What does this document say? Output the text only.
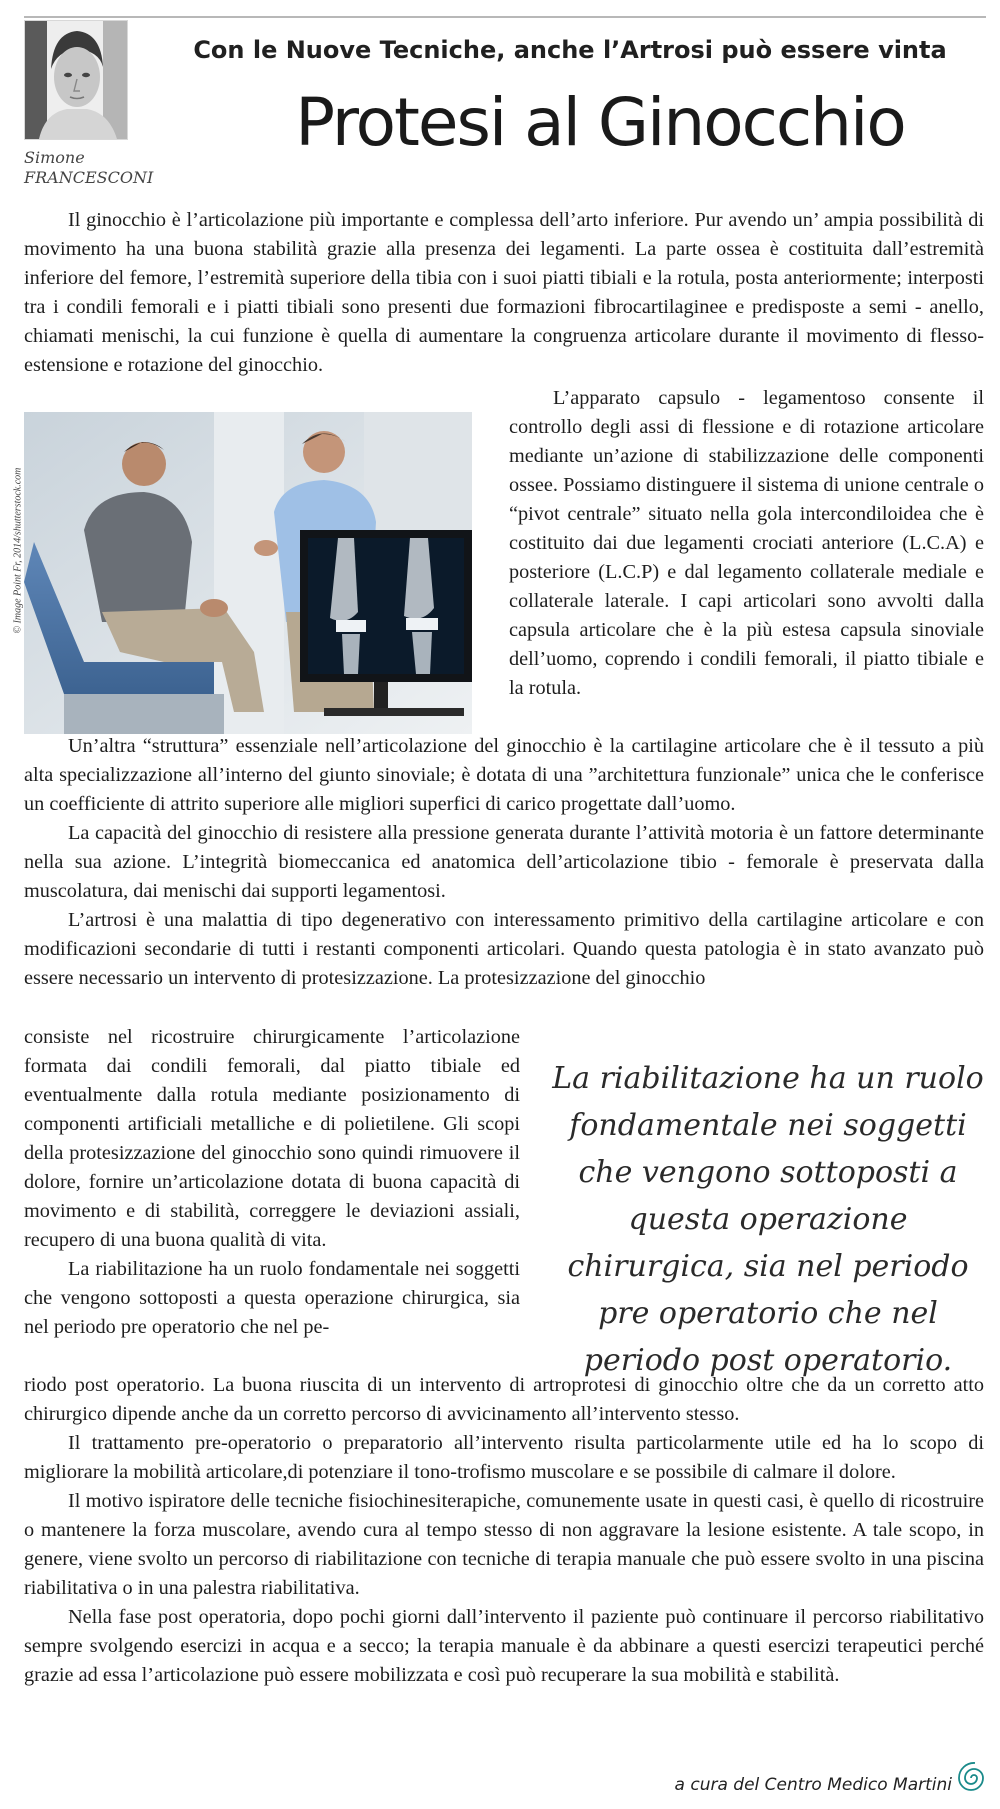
Simone
FRANCESCONI
Con le Nuove Tecniche, anche l’Artrosi può essere vinta
Protesi al Ginocchio

Il ginocchio è l’articolazione più importante e complessa dell’arto inferiore. Pur avendo un’ ampia possibilità di movimento ha una buona stabilità grazie alla presenza dei legamenti. La parte ossea è costituita dall’estremità inferiore del femore, l’estremità superiore della tibia con i suoi piatti tibiali e la rotula, posta anteriormente; interposti tra i condili femorali e i piatti tibiali sono presenti due formazioni fibrocartilaginee e predisposte a semi - anello, chiamati menischi, la cui funzione è quella di aumentare la congruenza articolare durante il movimento di flesso-estensione e rotazione del ginocchio.

© Image Point Fr, 2014/shutterstock.com

L’apparato capsulo - legamentoso consente il controllo degli assi di flessione e di rotazione articolare mediante un’azione di stabilizzazione delle componenti ossee. Possiamo distinguere il sistema di unione centrale o “pivot centrale” situato nella gola intercondiloidea che è costituito dai due legamenti crociati anteriore (L.C.A) e posteriore (L.C.P) e dal legamento collaterale mediale e collaterale laterale. I capi articolari sono avvolti dalla capsula articolare che è la più estesa capsula sinoviale dell’uomo, coprendo i condili femorali, il piatto tibiale e la rotula.

Un’altra “struttura” essenziale nell’articolazione del ginocchio è la cartilagine articolare che è il tessuto a più alta specializzazione all’interno del giunto sinoviale; è dotata di una ”architettura funzionale” unica che le conferisce un coefficiente di attrito superiore alle migliori superfici di carico progettate dall’uomo.

La capacità del ginocchio di resistere alla pressione generata durante l’attività motoria è un fattore determinante nella sua azione. L’integrità biomeccanica ed anatomica dell’articolazione tibio - femorale è preservata dalla muscolatura, dai menischi dai supporti legamentosi.

L’artrosi è una malattia di tipo degenerativo con interessamento primitivo della cartilagine articolare e con modificazioni secondarie di tutti i restanti componenti articolari. Quando questa patologia è in stato avanzato può essere necessario un intervento di protesizzazione. La protesizzazione del ginocchio

consiste nel ricostruire chirurgicamente l’articolazione formata dai condili femorali, dal piatto tibiale ed eventualmente dalla rotula mediante posizionamento di componenti artificiali metalliche e di polietilene. Gli scopi della protesizzazione del ginocchio sono quindi rimuovere il dolore, fornire un’articolazione dotata di buona capacità di movimento e di stabilità, correggere le deviazioni assiali, recupero di una buona qualità di vita.

La riabilitazione ha un ruolo fondamentale nei soggetti che vengono sottoposti a questa operazione chirurgica, sia nel periodo pre operatorio che nel pe-

La riabilitazione ha un ruolo fondamentale nei soggetti che vengono sottoposti a questa operazione chirurgica, sia nel periodo pre operatorio che nel periodo post operatorio.

riodo post operatorio. La buona riuscita di un intervento di artroprotesi di ginocchio oltre che da un corretto atto chirurgico dipende anche da un corretto percorso di avvicinamento all’intervento stesso.

Il trattamento pre-operatorio o preparatorio all’intervento risulta particolarmente utile ed ha lo scopo di migliorare la mobilità articolare,di potenziare il tono-trofismo muscolare e se possibile di calmare il dolore.

Il motivo ispiratore delle tecniche fisiochinesiterapiche, comunemente usate in questi casi, è quello di ricostruire o mantenere la forza muscolare, avendo cura al tempo stesso di non aggravare la lesione esistente. A tale scopo, in genere, viene svolto un percorso di riabilitazione con tecniche di terapia manuale che può essere svolto in una piscina riabilitativa o in una palestra riabilitativa.

Nella fase post operatoria, dopo pochi giorni dall’intervento il paziente può continuare il percorso riabilitativo sempre svolgendo esercizi in acqua e a secco; la terapia manuale è da abbinare a questi esercizi terapeutici perché grazie ad essa l’articolazione può essere mobilizzata e così può recuperare la sua mobilità e stabilità.

a cura del Centro Medico Martini
